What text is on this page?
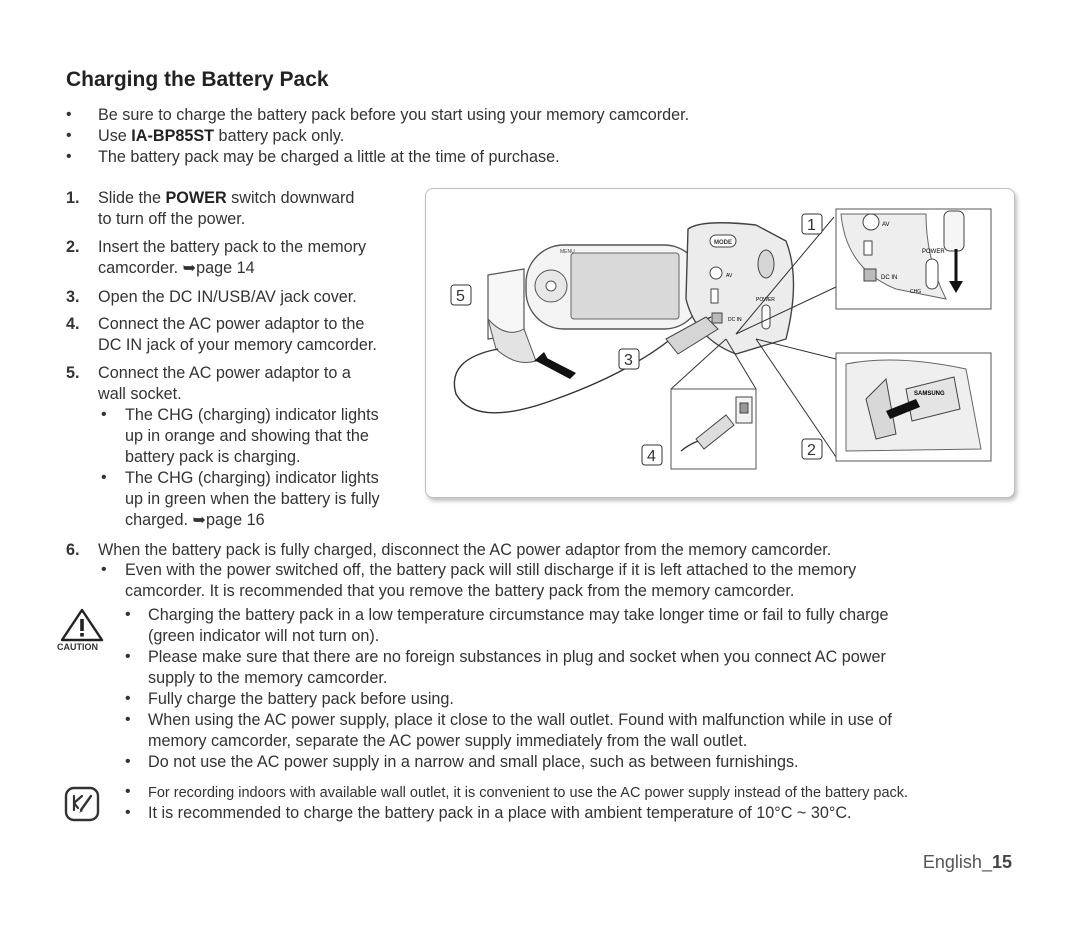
Charging the Battery Pack
• Be sure to charge the battery pack before you start using your memory camcorder.
• Use IA-BP85ST battery pack only.
• The battery pack may be charged a little at the time of purchase.
1. Slide the POWER switch downward
to turn off the power.
2. Insert the battery pack to the memory
camcorder. ➥page 14
3. Open the DC IN/USB/AV jack cover.
4. Connect the AC power adaptor to the
DC IN jack of your memory camcorder.
5. Connect the AC power adaptor to a
wall socket.
• The CHG (charging) indicator lights
up in orange and showing that the
battery pack is charging.
• The CHG (charging) indicator lights
up in green when the battery is fully
charged. ➥page 16
MENU
MODE
AV
DC IN
POWER
AV
DC IN
POWER
CHG
SAMSUNG
1
2
3
4
5
6. When the battery pack is fully charged, disconnect the AC power adaptor from the memory camcorder.
• Even with the power switched off, the battery pack will still discharge if it is left attached to the memory
camcorder. It is recommended that you remove the battery pack from the memory camcorder.
CAUTION
• Charging the battery pack in a low temperature circumstance may take longer time or fail to fully charge
(green indicator will not turn on).
• Please make sure that there are no foreign substances in plug and socket when you connect AC power
supply to the memory camcorder.
• Fully charge the battery pack before using.
• When using the AC power supply, place it close to the wall outlet. Found with malfunction while in use of
memory camcorder, separate the AC power supply immediately from the wall outlet.
• Do not use the AC power supply in a narrow and small place, such as between furnishings.
• For recording indoors with available wall outlet, it is convenient to use the AC power supply instead of the battery pack.
• It is recommended to charge the battery pack in a place with ambient temperature of 10°C ~ 30°C.
English_15
